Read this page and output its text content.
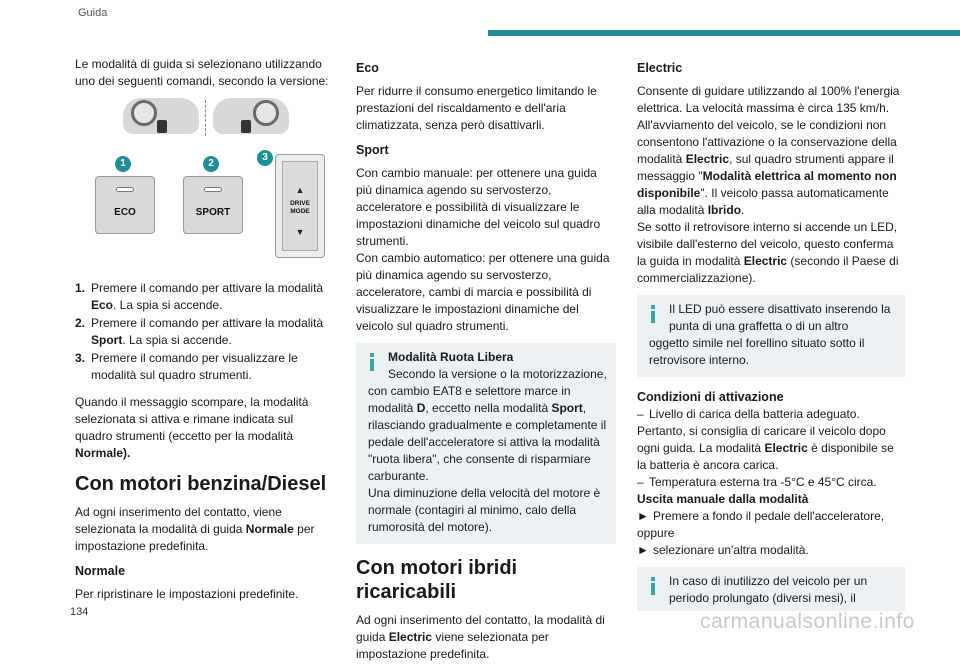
Guida

Le modalità di guida si selezionano utilizzando uno dei seguenti comandi, secondo la versione:

1	2
3
ECO	SPORT
▲
DRIVE
MODE
▼
1. Premere il comando per attivare la modalità Eco. La spia si accende.
2. Premere il comando per attivare la modalità Sport. La spia si accende.
3. Premere il comando per visualizzare le modalità sul quadro strumenti.

Quando il messaggio scompare, la modalità selezionata si attiva e rimane indicata sul quadro strumenti (eccetto per la modalità Normale).

Con motori benzina/Diesel

Ad ogni inserimento del contatto, viene selezionata la modalità di guida Normale per impostazione predefinita.

Normale

Per ripristinare le impostazioni predefinite.

Eco

Per ridurre il consumo energetico limitando le prestazioni del riscaldamento e dell'aria climatizzata, senza però disattivarli.

Sport

Con cambio manuale: per ottenere una guida più dinamica agendo su servosterzo, acceleratore e possibilità di visualizzare le impostazioni dinamiche del veicolo sul quadro strumenti.

Con cambio automatico: per ottenere una guida più dinamica agendo su servosterzo, acceleratore, cambi di marcia e possibilità di visualizzare le impostazioni dinamiche del veicolo sul quadro strumenti.

Modalità Ruota Libera
Secondo la versione o la motorizzazione,
con cambio EAT8 e selettore marce in modalità D, eccetto nella modalità Sport, rilasciando gradualmente e completamente il pedale dell'acceleratore si attiva la modalità "ruota libera", che consente di risparmiare carburante.
Una diminuzione della velocità del motore è normale (contagiri al minimo, calo della rumorosità del motore).
Con motori ibridi ricaricabili

Ad ogni inserimento del contatto, la modalità di guida Electric viene selezionata per impostazione predefinita.

Electric

Consente di guidare utilizzando al 100% l'energia elettrica. La velocità massima è circa 135 km/h.

All'avviamento del veicolo, se le condizioni non consentono l'attivazione o la conservazione della modalità Electric, sul quadro strumenti appare il messaggio "Modalità elettrica al momento non disponibile". Il veicolo passa automaticamente alla modalità Ibrido.

Se sotto il retrovisore interno si accende un LED, visibile dall'esterno del veicolo, questo conferma la guida in modalità Electric (secondo il Paese di commercializzazione).

Il LED può essere disattivato inserendo la punta di una graffetta o di un altro
oggetto simile nel forellino situato sotto il retrovisore interno.
Condizioni di attivazione
– Livello di carica della batteria adeguato.
Pertanto, si consiglia di caricare il veicolo dopo ogni guida. La modalità Electric è disponibile se la batteria è ancora carica.
– Temperatura esterna tra -5°C e 45°C circa.
Uscita manuale dalla modalità
► Premere a fondo il pedale dell'acceleratore,
oppure
► selezionare un'altra modalità.
In caso di inutilizzo del veicolo per un
periodo prolungato (diversi mesi), il
134	carmanualsonline.info
